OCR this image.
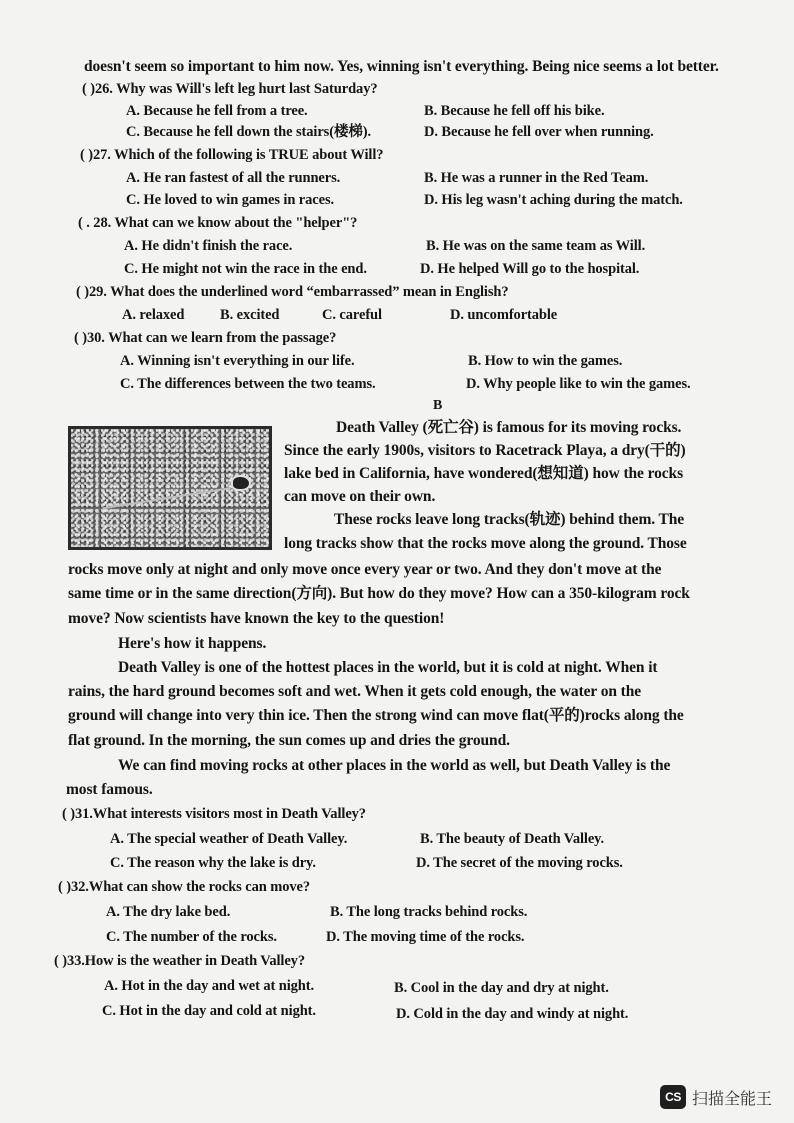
doesn't seem so important to him now. Yes, winning isn't everything. Being nice seems a lot better.
( )26. Why was Will's left leg hurt last Saturday?
A. Because he fell from a tree.	B. Because he fell off his bike.
C. Because he fell down the stairs(楼梯).	D. Because he fell over when running.
( )27. Which of the following is TRUE about Will?
A. He ran fastest of all the runners.	B. He was a runner in the Red Team.
C. He loved to win games in races.	D. His leg wasn't aching during the match.
( . 28. What can we know about the "helper"?
A. He didn't finish the race.	B. He was on the same team as Will.
C. He might not win the race in the end.	D. He helped Will go to the hospital.
( )29. What does the underlined word “embarrassed” mean in English?
A. relaxed B. excited	C. careful	D. uncomfortable
( )30. What can we learn from the passage?
A. Winning isn't everything in our life.	B. How to win the games.
C. The differences between the two teams.	D. Why people like to win the games.
B
Death Valley (死亡谷) is famous for its moving rocks.
Since the early 1900s, visitors to Racetrack Playa, a dry(干的)
lake bed in California, have wondered(想知道) how the rocks
can move on their own.
These rocks leave long tracks(轨迹) behind them. The
long tracks show that the rocks move along the ground. Those
rocks move only at night and only move once every year or two. And they don't move at the
same time or in the same direction(方向). But how do they move? How can a 350-kilogram rock
move? Now scientists have known the key to the question!
Here's how it happens.
Death Valley is one of the hottest places in the world, but it is cold at night. When it
rains, the hard ground becomes soft and wet. When it gets cold enough, the water on the
ground will change into very thin ice. Then the strong wind can move flat(平的)rocks along the
flat ground. In the morning, the sun comes up and dries the ground.
We can find moving rocks at other places in the world as well, but Death Valley is the
most famous.
( )31.What interests visitors most in Death Valley?
A. The special weather of Death Valley.	B. The beauty of Death Valley.
C. The reason why the lake is dry.	D. The secret of the moving rocks.
( )32.What can show the rocks can move?
A. The dry lake bed.	B. The long tracks behind rocks.
C. The number of the rocks.	D. The moving time of the rocks.
( )33.How is the weather in Death Valley?
A. Hot in the day and wet at night.	B. Cool in the day and dry at night.
C. Hot in the day and cold at night.	D. Cold in the day and windy at night.
CS 扫描全能王
